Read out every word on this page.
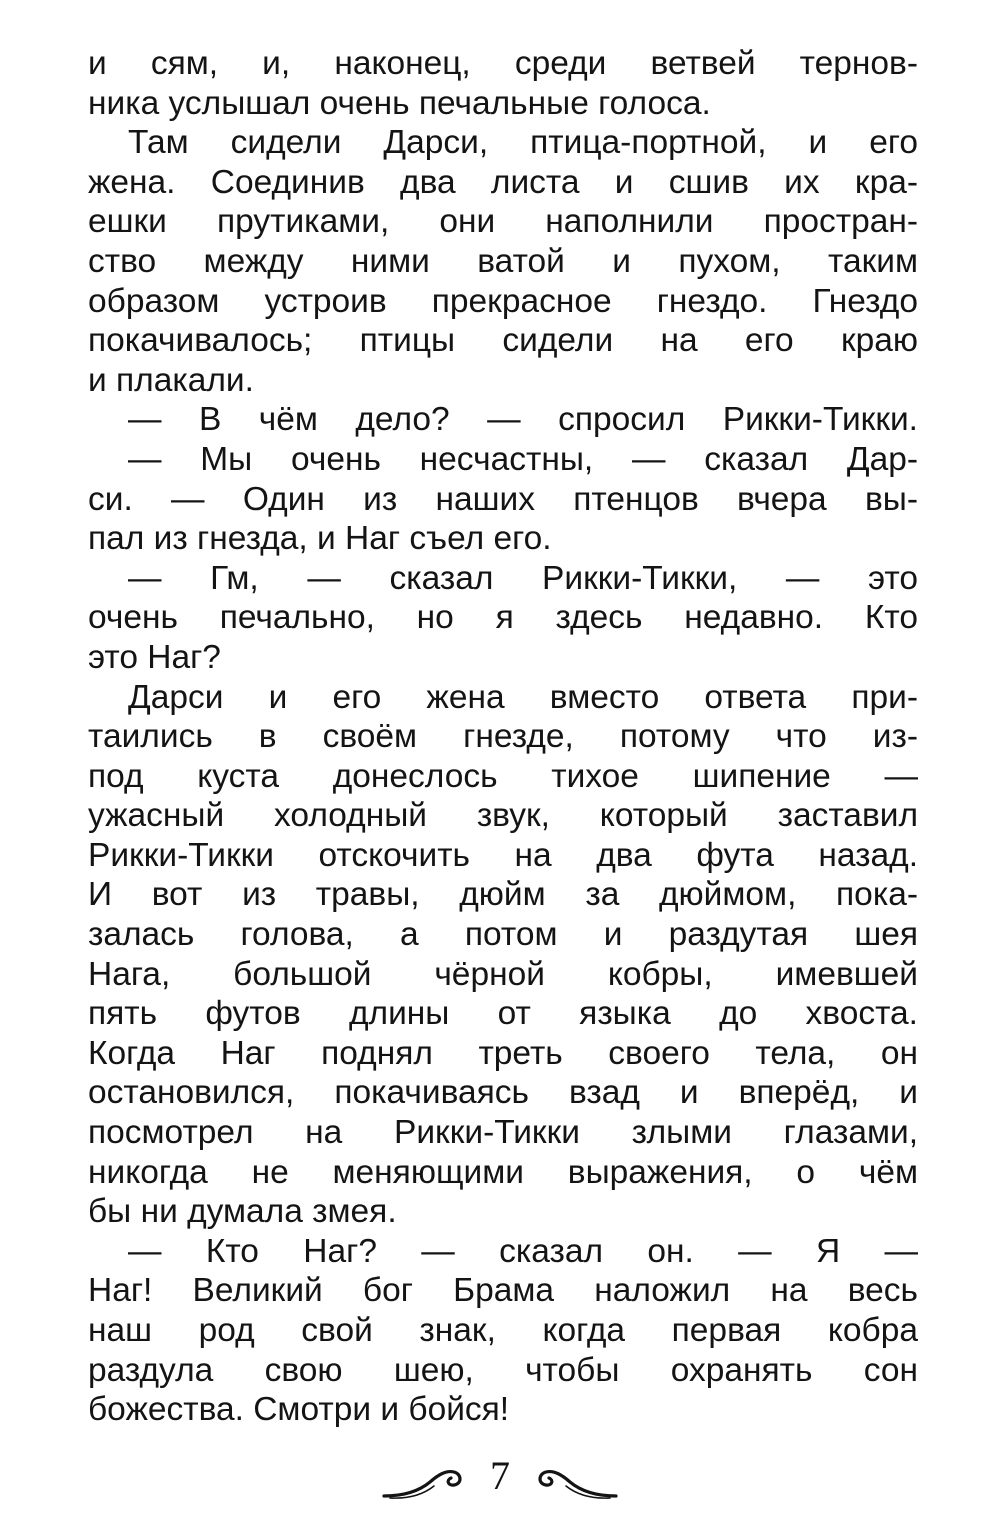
и сям, и, наконец, среди ветвей тернов-
ника услышал очень печальные голоса.
Там сидели Дарси, птица-портной, и его
жена. Соединив два листа и сшив их кра-
ешки прутиками, они наполнили простран-
ство между ними ватой и пухом, таким
образом устроив прекрасное гнездо. Гнездо
покачивалось; птицы сидели на его краю
и плакали.
— В чём дело? — спросил Рикки-Тикки.
— Мы очень несчастны, — сказал Дар-
си. — Один из наших птенцов вчера вы-
пал из гнезда, и Наг съел его.
— Гм, — сказал Рикки-Тикки, — это
очень печально, но я здесь недавно. Кто
это Наг?
Дарси и его жена вместо ответа при-
таились в своём гнезде, потому что из-
под куста донеслось тихое шипение —
ужасный холодный звук, который заставил
Рикки-Тикки отскочить на два фута назад.
И вот из травы, дюйм за дюймом, пока-
залась голова, а потом и раздутая шея
Нага, большой чёрной кобры, имевшей
пять футов длины от языка до хвоста.
Когда Наг поднял треть своего тела, он
остановился, покачиваясь взад и вперёд, и
посмотрел на Рикки-Тикки злыми глазами,
никогда не меняющими выражения, о чём
бы ни думала змея.
— Кто Наг? — сказал он. — Я —
Наг! Великий бог Брама наложил на весь
наш род свой знак, когда первая кобра
раздула свою шею, чтобы охранять сон
божества. Смотри и бойся!
7
